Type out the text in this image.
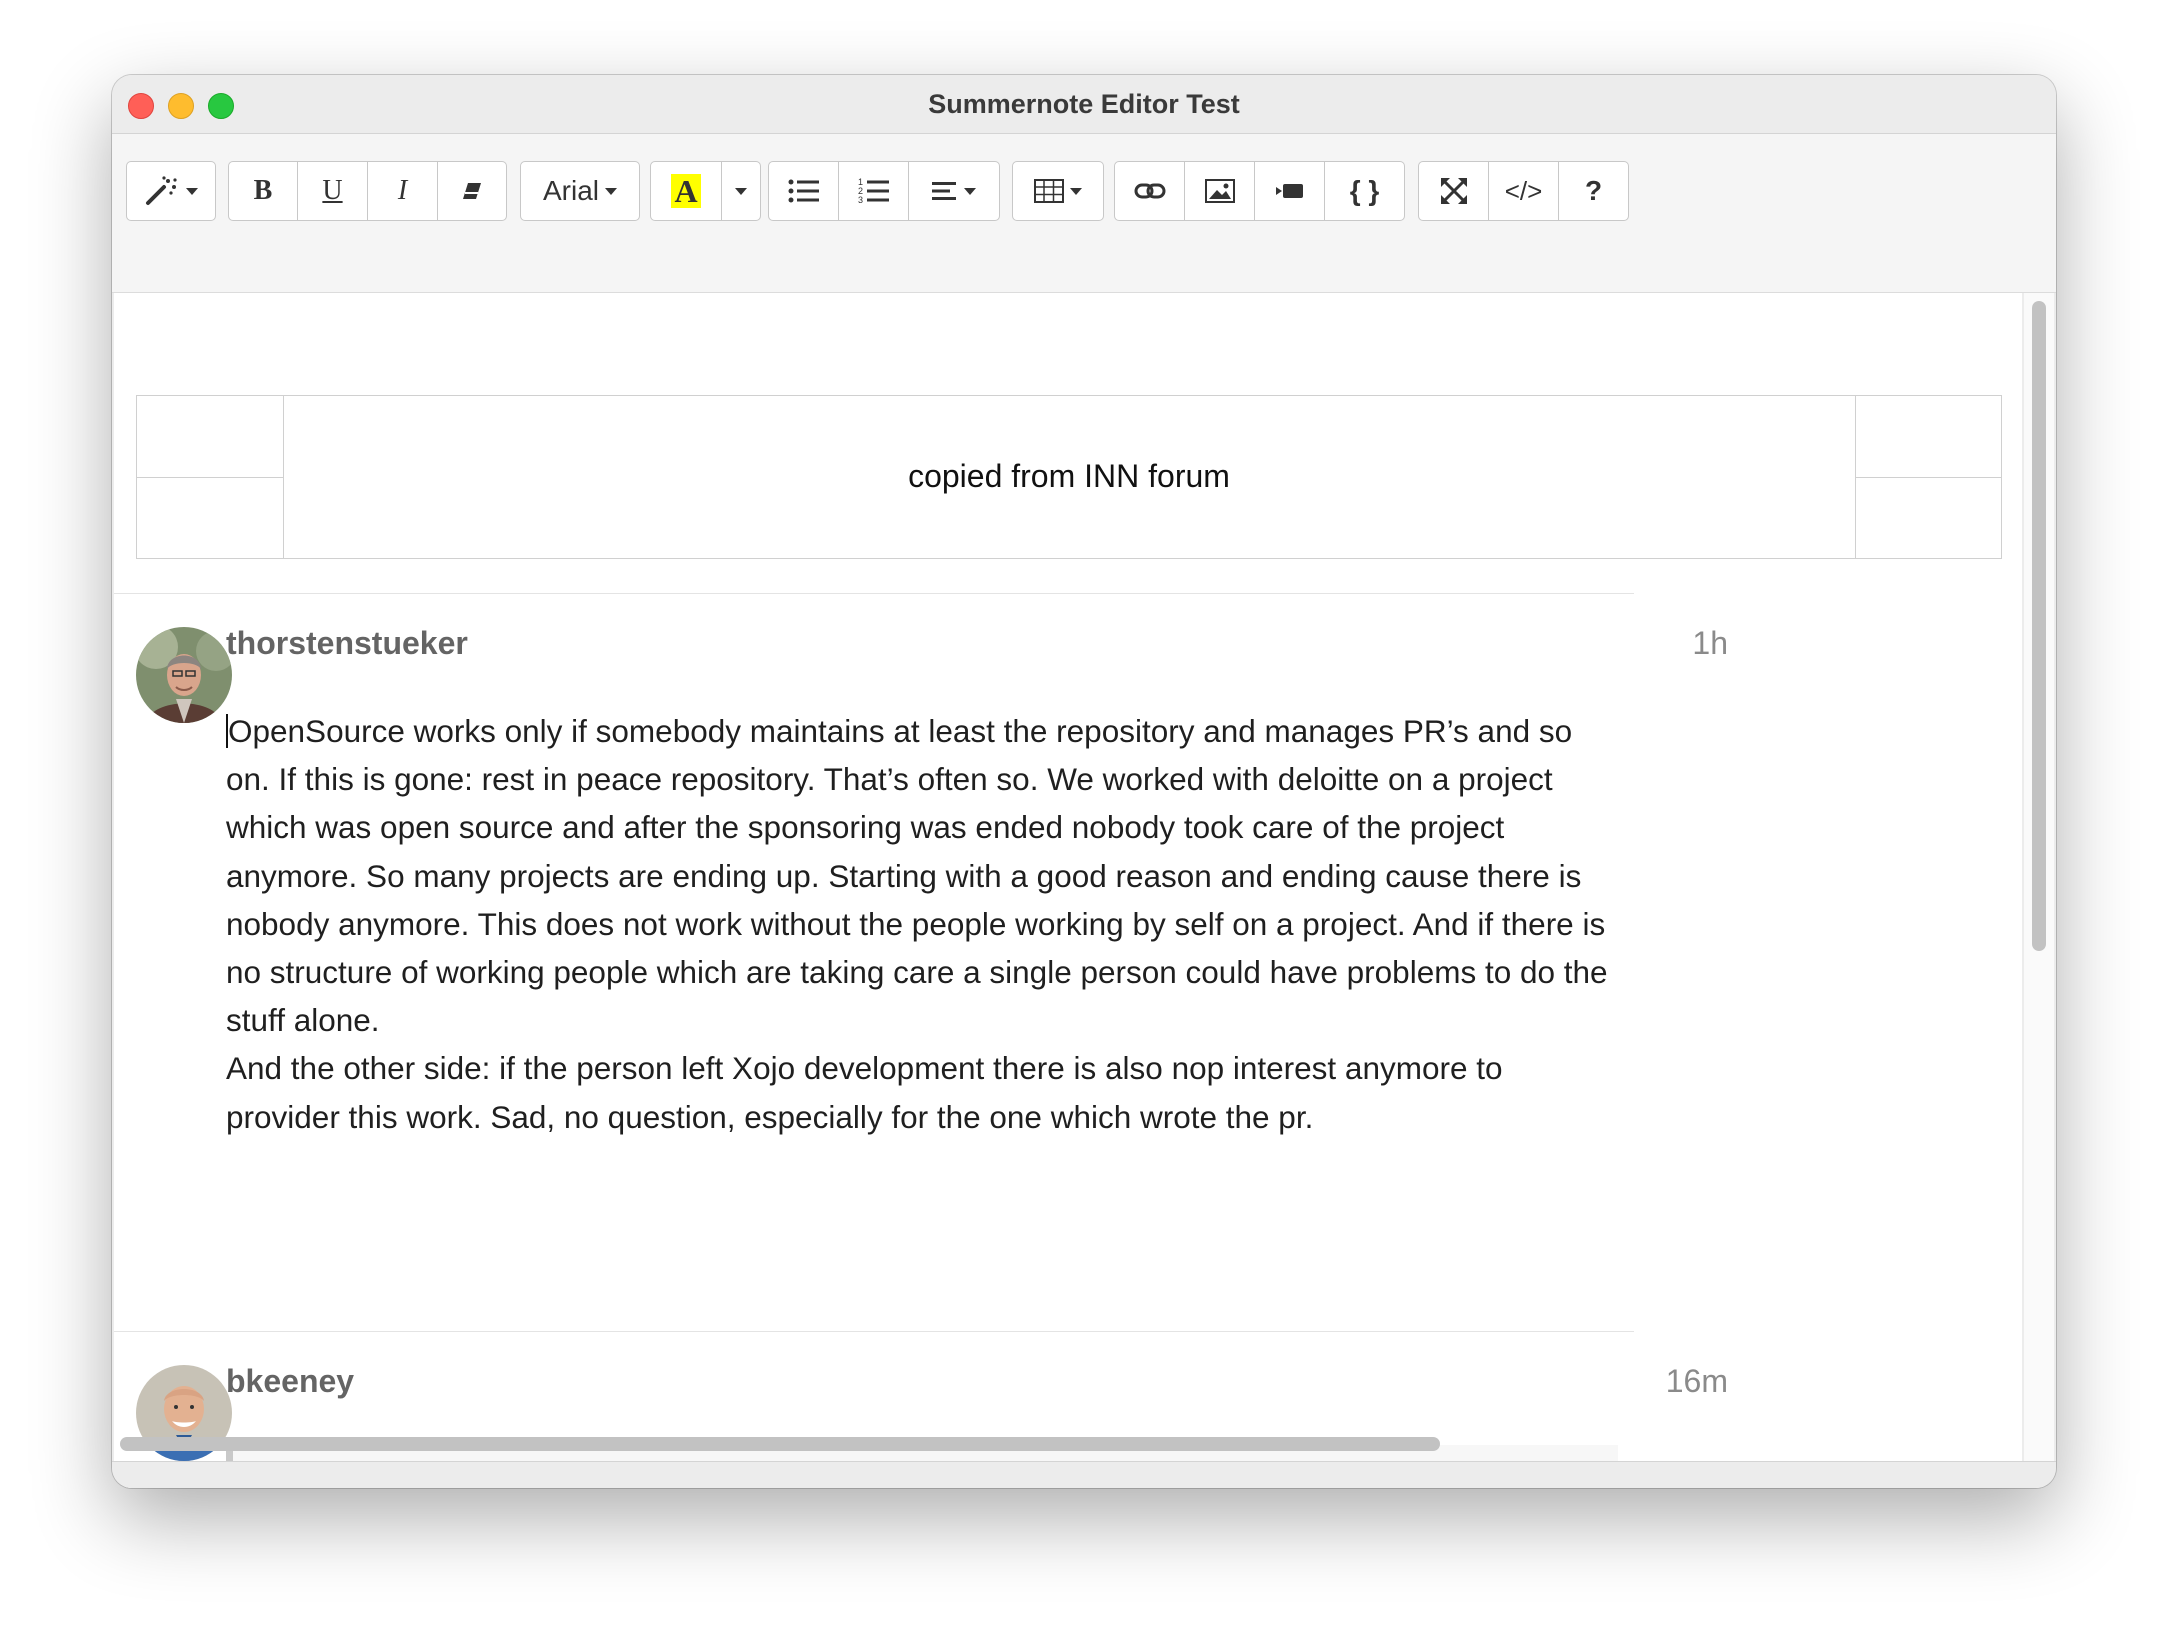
Summernote Editor Test
B U I	Arial A	1
2
3	{ }	</> ?
copied from INN forum
thorstenstueker	1h

OpenSource works only if somebody maintains at least the repository and manages PR’s and so on. If this is gone: rest in peace repository. That’s often so. We worked with deloitte on a project which was open source and after the sponsoring was ended nobody took care of the project anymore. So many projects are ending up. Starting with a good reason and ending cause there is nobody anymore. This does not work without the people working by self on a project. And if there is no structure of working people which are taking care a single person could have problems to do the stuff alone.

And the other side: if the person left Xojo development there is also nop interest anymore to provider this work. Sad, no question, especially for the one which wrote the pr.

bkeeney	16m
